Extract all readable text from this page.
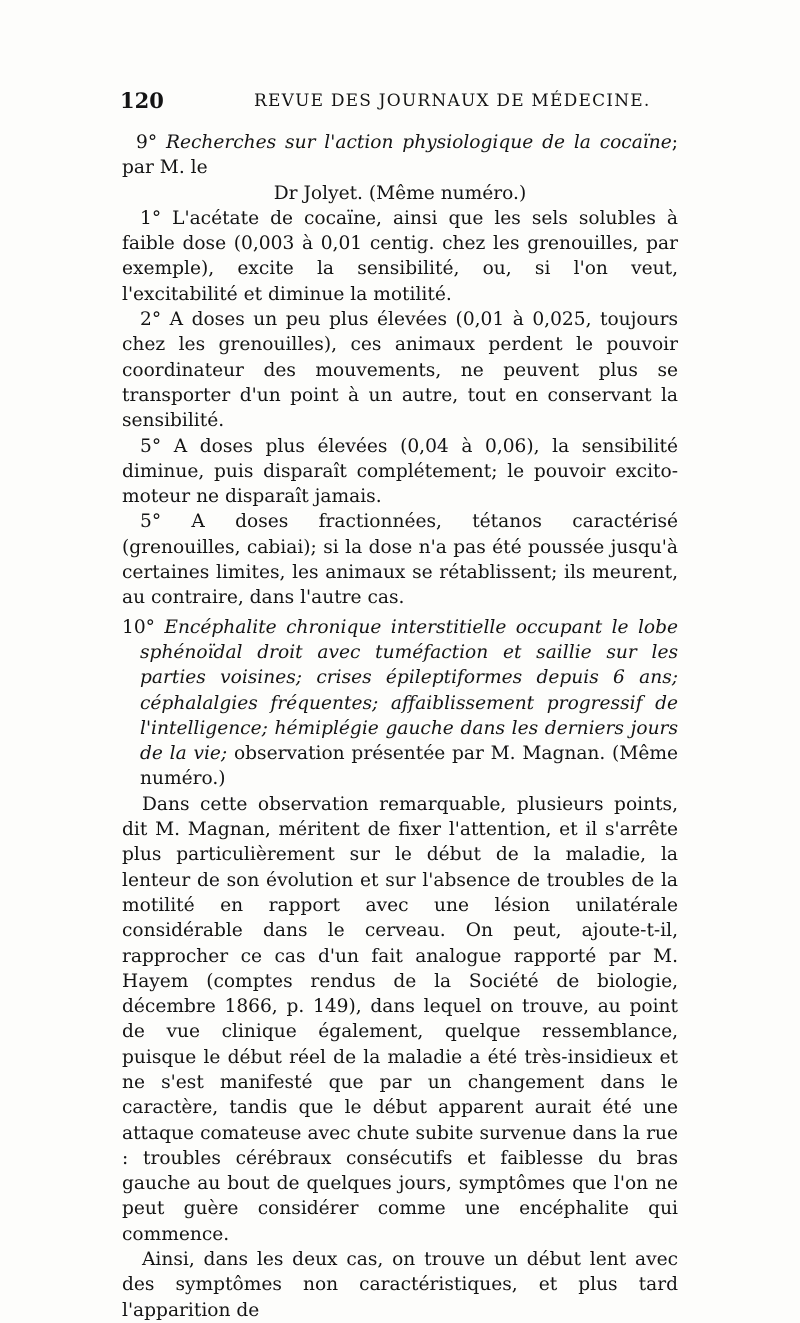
120	REVUE DES JOURNAUX DE MÉDECINE.

9° Recherches sur l'action physiologique de la cocaïne; par M. le

Dr Jolyet. (Même numéro.)

1° L'acétate de cocaïne, ainsi que les sels solubles à faible dose (0,003 à 0,01 centig. chez les grenouilles, par exemple), excite la sensibilité, ou, si l'on veut, l'excitabilité et diminue la motilité.

2° A doses un peu plus élevées (0,01 à 0,025, toujours chez les grenouilles), ces animaux perdent le pouvoir coordinateur des mouvements, ne peuvent plus se transporter d'un point à un autre, tout en conservant la sensibilité.

5° A doses plus élevées (0,04 à 0,06), la sensibilité diminue, puis disparaît complétement; le pouvoir excito-moteur ne disparaît jamais.

5° A doses fractionnées, tétanos caractérisé (grenouilles, cabiai); si la dose n'a pas été poussée jusqu'à certaines limites, les animaux se rétablissent; ils meurent, au contraire, dans l'autre cas.

10° Encéphalite chronique interstitielle occupant le lobe sphénoïdal droit avec tuméfaction et saillie sur les parties voisines; crises épileptiformes depuis 6 ans; céphalalgies fréquentes; affaiblissement progressif de l'intelligence; hémiplégie gauche dans les derniers jours de la vie; observation présentée par M. Magnan. (Même numéro.)

Dans cette observation remarquable, plusieurs points, dit M. Magnan, méritent de fixer l'attention, et il s'arrête plus particulièrement sur le début de la maladie, la lenteur de son évolution et sur l'absence de troubles de la motilité en rapport avec une lésion unilatérale considérable dans le cerveau. On peut, ajoute-t-il, rapprocher ce cas d'un fait analogue rapporté par M. Hayem (comptes rendus de la Société de biologie, décembre 1866, p. 149), dans lequel on trouve, au point de vue clinique également, quelque ressemblance, puisque le début réel de la maladie a été très-insidieux et ne s'est manifesté que par un changement dans le caractère, tandis que le début apparent aurait été une attaque comateuse avec chute subite survenue dans la rue : troubles cérébraux consécutifs et faiblesse du bras gauche au bout de quelques jours, symptômes que l'on ne peut guère considérer comme une encéphalite qui commence.

Ainsi, dans les deux cas, on trouve un début lent avec des symptômes non caractéristiques, et plus tard l'apparition de
